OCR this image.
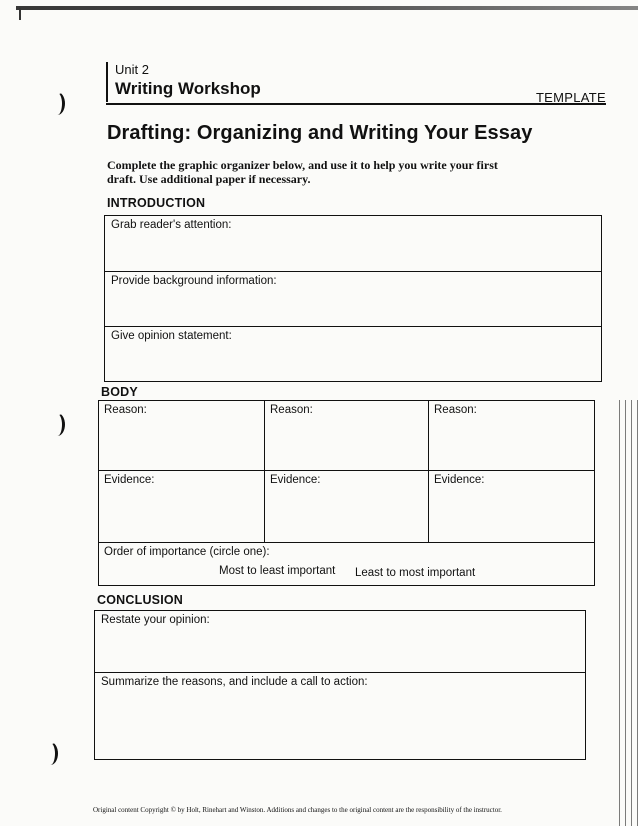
Unit 2
Writing Workshop	TEMPLATE
Drafting: Organizing and Writing Your Essay
Complete the graphic organizer below, and use it to help you write your first draft. Use additional paper if necessary.
INTRODUCTION
Grab reader's attention:
Provide background information:
Give opinion statement:
BODY
Reason:	Reason:	Reason:
Evidence:	Evidence:	Evidence:
Order of importance (circle one):
Most to least important Least to most important
CONCLUSION
Restate your opinion:
Summarize the reasons, and include a call to action:
Original content Copyright © by Holt, Rinehart and Winston. Additions and changes to the original content are the responsibility of the instructor.
